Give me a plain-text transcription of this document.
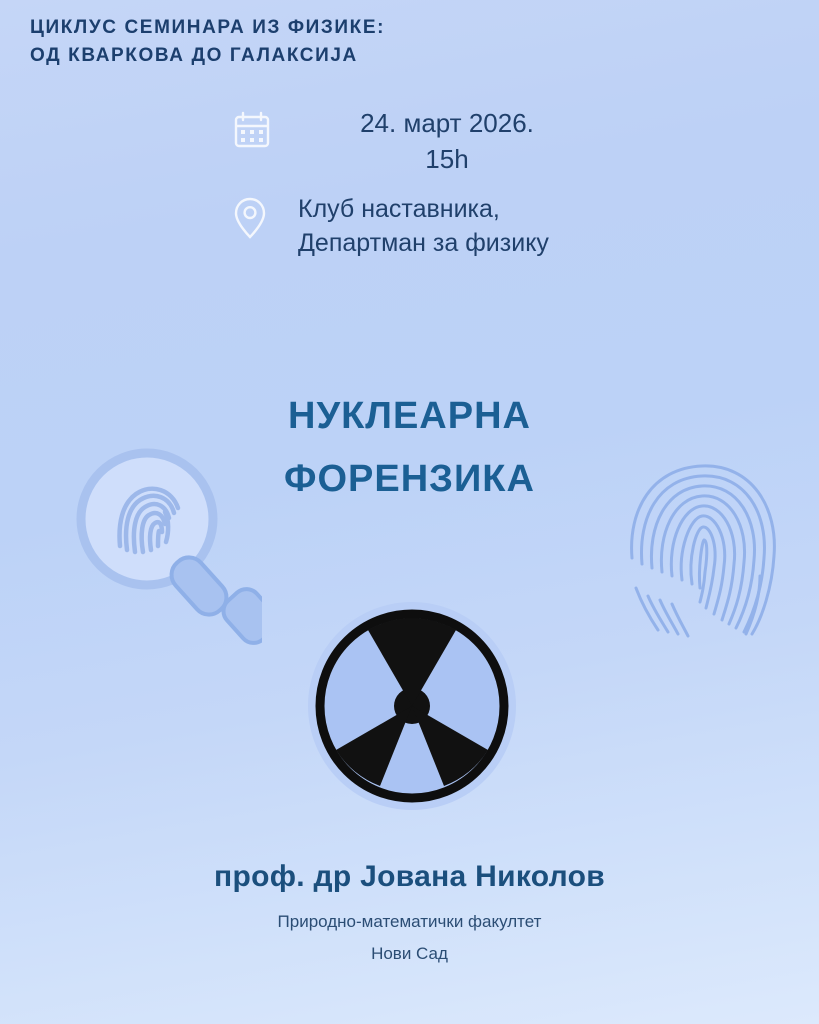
ЦИКЛУС СЕМИНАРА ИЗ ФИЗИКЕ:
ОД КВАРКОВА ДО ГАЛАКСИЈА
24. март 2026.
15h
Клуб наставника,
Департман за физику
НУКЛЕАРНА
ФОРЕНЗИКА
проф. др Јована Николов
Природно-математички факултет
Нови Сад
